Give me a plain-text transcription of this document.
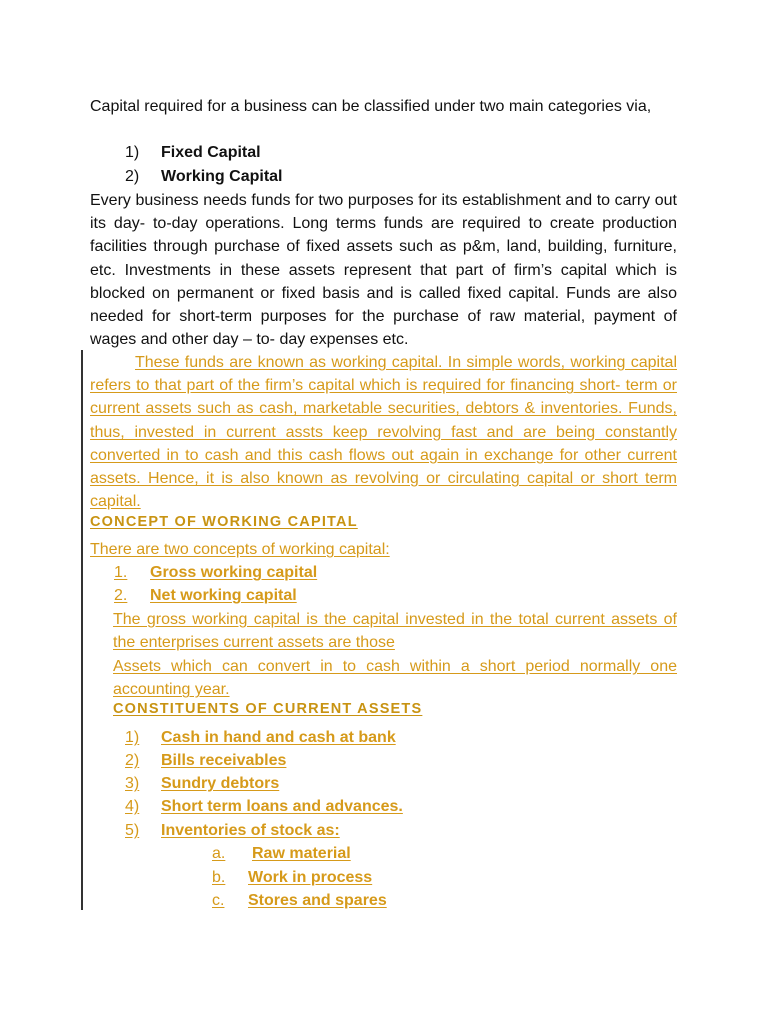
Capital required for a business can be classified under two main categories via,

1) Fixed Capital
2) Working Capital

Every business needs funds for two purposes for its establishment and to carry out its day- to-day operations. Long terms funds are required to create production facilities through purchase of fixed assets such as p&m, land, building, furniture, etc. Investments in these assets represent that part of firm’s capital which is blocked on permanent or fixed basis and is called fixed capital. Funds are also needed for short-term purposes for the purchase of raw material, payment of wages and other day – to- day expenses etc.

These funds are known as working capital. In simple words, working capital refers to that part of the firm’s capital which is required for financing short- term or current assets such as cash, marketable securities, debtors & inventories. Funds, thus, invested in current assts keep revolving fast and are being constantly converted in to cash and this cash flows out again in exchange for other current assets. Hence, it is also known as revolving or circulating capital or short term capital.

CONCEPT OF WORKING CAPITAL
There are two concepts of working capital:
1. Gross working capital
2. Net working capital

The gross working capital is the capital invested in the total current assets of the enterprises current assets are those

Assets which can convert in to cash within a short period normally one accounting year.

CONSTITUENTS OF CURRENT ASSETS
1) Cash in hand and cash at bank
2) Bills receivables
3) Sundry debtors
4) Short term loans and advances.
5) Inventories of stock as:
a. Raw material
b. Work in process
c. Stores and spares
